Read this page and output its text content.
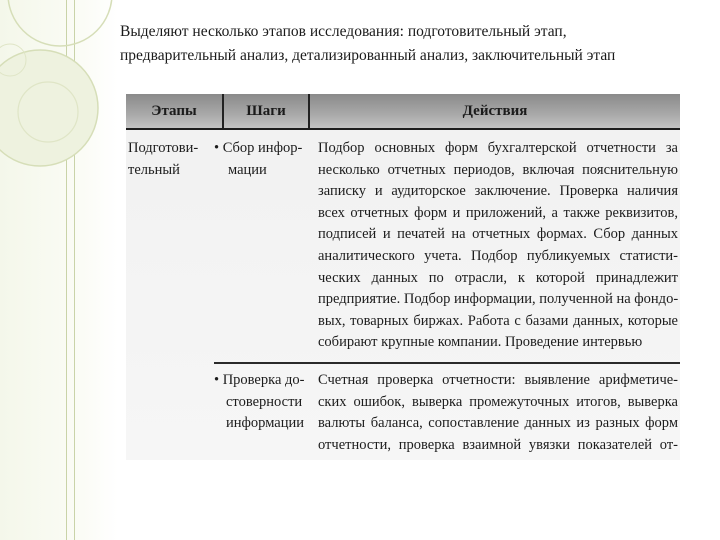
Выделяют несколько этапов исследования: подготовительный этап,
предварительный анализ, детализированный анализ, заключительный этап
Этапы	Шаги	Действия
Подготови-
тельный
• Сбор инфор-
мации
Подбор основных форм бухгалтерской отчетности за
несколько отчетных периодов, включая пояснительную
записку и аудиторское заключение. Проверка наличия
всех отчетных форм и приложений, а также реквизитов,
подписей и печатей на отчетных формах. Сбор данных
аналитического учета. Подбор публикуемых статисти-
ческих данных по отрасли, к которой принадлежит
предприятие. Подбор информации, полученной на фондо-
вых, товарных биржах. Работа с базами данных, которые
собирают крупные компании. Проведение интервью
• Проверка до-
стоверности
информации
Счетная проверка отчетности: выявление арифметиче-
ских ошибок, выверка промежуточных итогов, выверка
валюты баланса, сопоставление данных из разных форм
отчетности, проверка взаимной увязки показателей от-
